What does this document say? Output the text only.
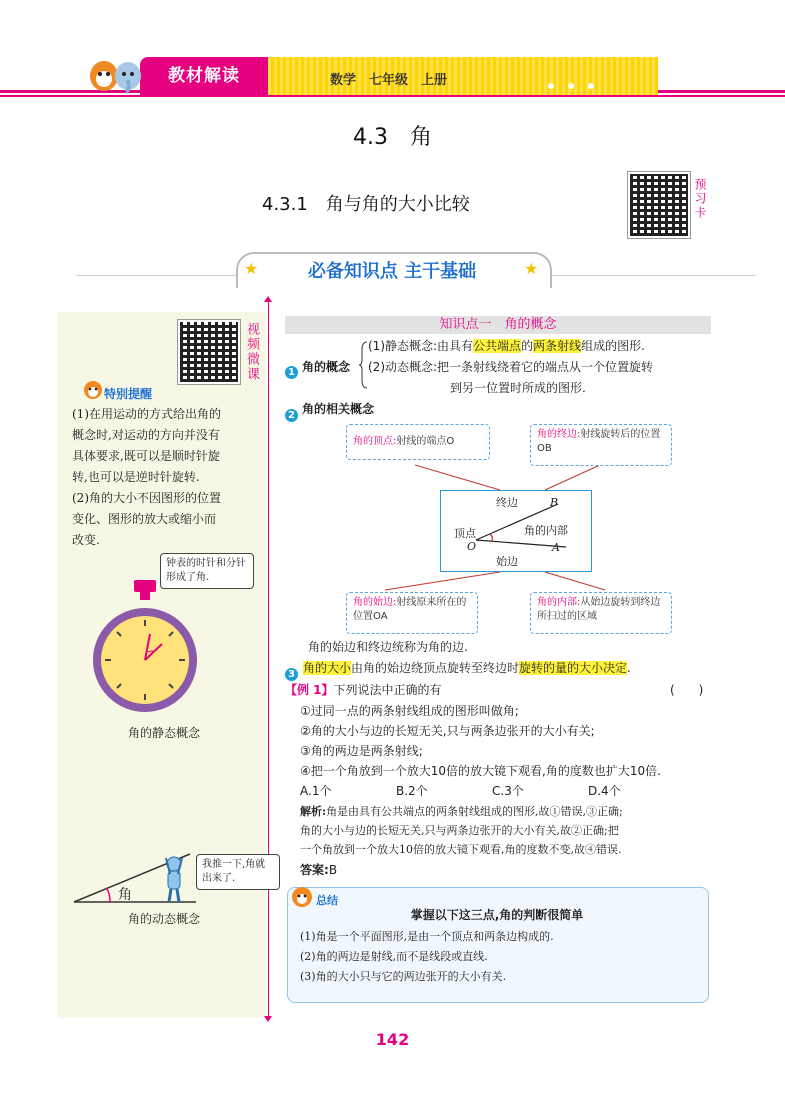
教材解读	数学　七年级　上册
4.3　角
4.3.1　角与角的大小比较	预习卡
★	★
必备知识点 主干基础
视频微课
特别提醒
(1)在用运动的方式给出角的
概念时,对运动的方向并没有
具体要求,既可以是顺时针旋
转,也可以是逆时针旋转.
(2)角的大小不因图形的位置
变化、图形的放大或缩小而
改变.
钟表的时针和分针形成了角.
角的静态概念
我推一下,角就出来了.
角
角的动态概念
知识点一　角的概念
1 角的概念
(1)静态概念:由具有公共端点的两条射线组成的图形.
(2)动态概念:把一条射线绕着它的端点从一个位置旋转
到另一位置时所成的图形.
2 角的相关概念
角的顶点:射线的端点O
角的终边:射线旋转后的位置OB
终边	B
顶点
O
角的内部
A
始边
角的始边:射线原来所在的位置OA
角的内部:从始边旋转到终边所扫过的区域
角的始边和终边统称为角的边.
3 角的大小由角的始边绕顶点旋转至终边时旋转的量的大小决定.
【例 1】下列说法中正确的有	(　　)
①过同一点的两条射线组成的图形叫做角;
②角的大小与边的长短无关,只与两条边张开的大小有关;
③角的两边是两条射线;
④把一个角放到一个放大10倍的放大镜下观看,角的度数也扩大10倍.
A.1个	B.2个	C.3个	D.4个
解析:角是由具有公共端点的两条射线组成的图形,故①错误,③正确;
角的大小与边的长短无关,只与两条边张开的大小有关,故②正确;把
一个角放到一个放大10倍的放大镜下观看,角的度数不变,故④错误.
答案:B
总结
掌握以下这三点,角的判断很简单
(1)角是一个平面图形,是由一个顶点和两条边构成的.
(2)角的两边是射线,而不是线段或直线.
(3)角的大小只与它的两边张开的大小有关.
142
